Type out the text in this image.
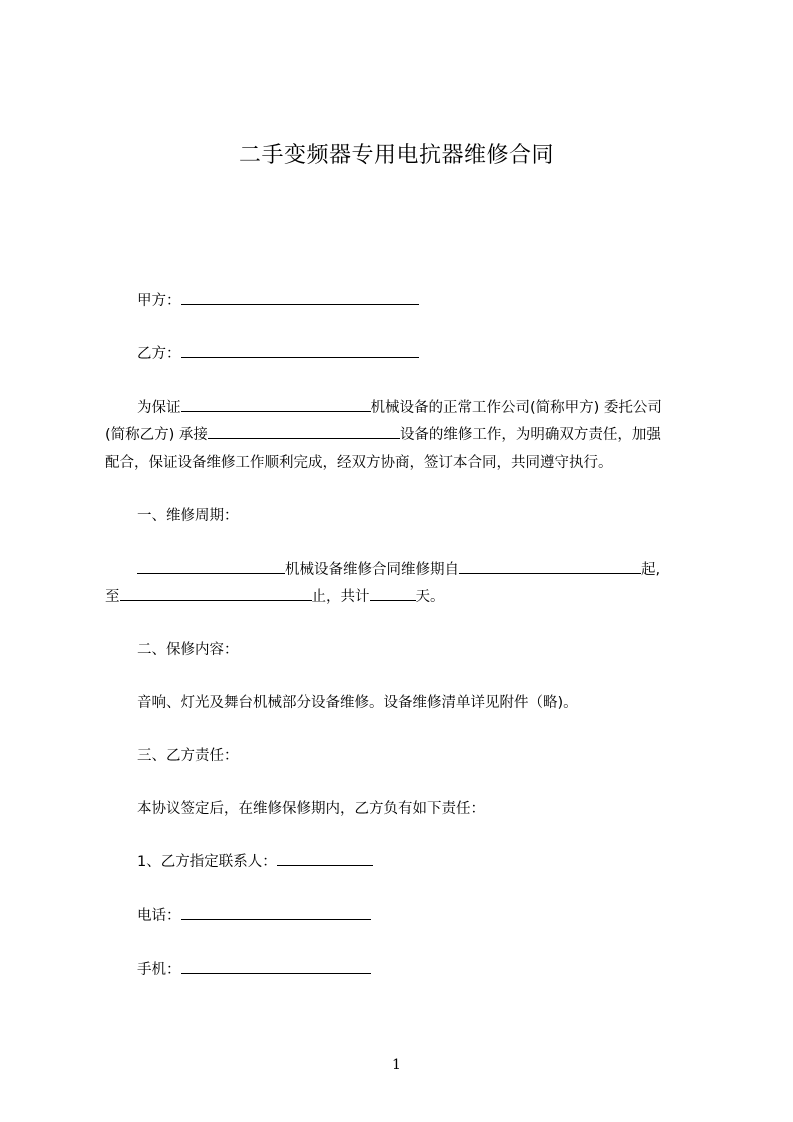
二手变频器专用电抗器维修合同
甲方：
乙方：
为保证	机械设备的正常工作公司(简称甲方) 委托公司
(简称乙方) 承接	设备的维修工作，为明确双方责任，加强
配合，保证设备维修工作顺利完成，经双方协商，签订本合同，共同遵守执行。
一、维修周期：
机械设备维修合同维修期自	起,
至	止，共计	天。
二、保修内容：
音响、灯光及舞台机械部分设备维修。设备维修清单详见附件（略)。
三、乙方责任：
本协议签定后，在维修保修期内，乙方负有如下责任：
1、乙方指定联系人：
电话：
手机：
1
